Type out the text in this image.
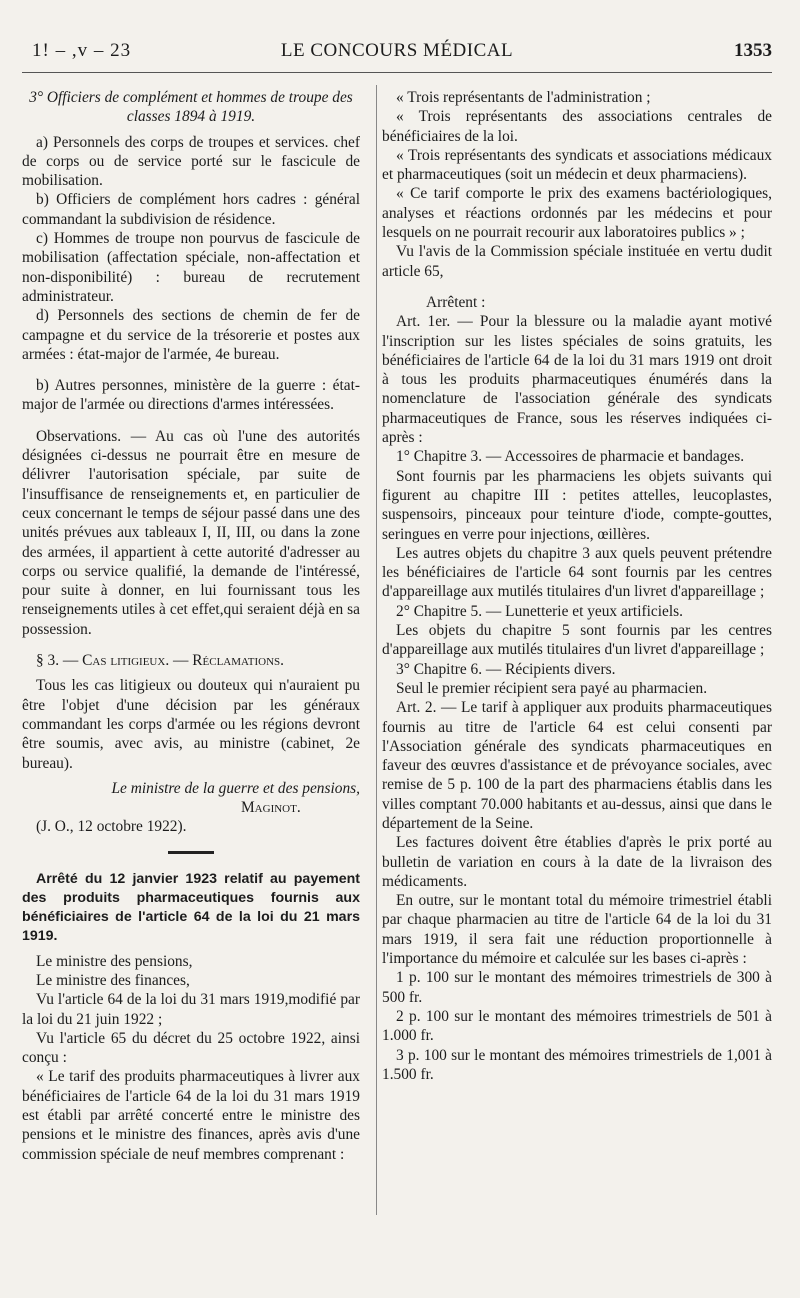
1! – ,v – 23	LE CONCOURS MÉDICAL	1353

3° Officiers de complément et hommes de troupe des classes 1894 à 1919.

a) Personnels des corps de troupes et services. chef de corps ou de service porté sur le fascicule de mobilisation.

b) Officiers de complément hors cadres : général commandant la subdivision de résidence.

c) Hommes de troupe non pourvus de fascicule de mobilisation (affectation spéciale, non-affectation et non-disponibilité) : bureau de recrutement administrateur.

d) Personnels des sections de chemin de fer de campagne et du service de la trésorerie et postes aux armées : état-major de l'armée, 4e bureau.

b) Autres personnes, ministère de la guerre : état-major de l'armée ou directions d'armes intéressées.

Observations. — Au cas où l'une des autorités désignées ci-dessus ne pourrait être en mesure de délivrer l'autorisation spéciale, par suite de l'insuffisance de renseignements et, en particulier de ceux concernant le temps de séjour passé dans une des unités prévues aux tableaux I, II, III, ou dans la zone des armées, il appartient à cette autorité d'adresser au corps ou service qualifié, la demande de l'intéressé, pour suite à donner, en lui fournissant tous les renseignements utiles à cet effet,qui seraient déjà en sa possession.

§ 3. — Cas litigieux. — Réclamations.

Tous les cas litigieux ou douteux qui n'auraient pu être l'objet d'une décision par les généraux commandant les corps d'armée ou les régions devront être soumis, avec avis, au ministre (cabinet, 2e bureau).

Le ministre de la guerre et des pensions,

Maginot.

(J. O., 12 octobre 1922).

Arrêté du 12 janvier 1923 relatif au payement des produits pharmaceutiques fournis aux bénéficiaires de l'article 64 de la loi du 21 mars 1919.

Le ministre des pensions,

Le ministre des finances,

Vu l'article 64 de la loi du 31 mars 1919,modifié par la loi du 21 juin 1922 ;

Vu l'article 65 du décret du 25 octobre 1922, ainsi conçu :

« Le tarif des produits pharmaceutiques à livrer aux bénéficiaires de l'article 64 de la loi du 31 mars 1919 est établi par arrêté concerté entre le ministre des pensions et le ministre des finances, après avis d'une commission spéciale de neuf membres comprenant :

« Trois représentants de l'administration ;

« Trois représentants des associations centrales de bénéficiaires de la loi.

« Trois représentants des syndicats et associations médicaux et pharmaceutiques (soit un médecin et deux pharmaciens).

« Ce tarif comporte le prix des examens bactériologiques, analyses et réactions ordonnés par les médecins et pour lesquels on ne pourrait recourir aux laboratoires publics » ;

Vu l'avis de la Commission spéciale instituée en vertu dudit article 65,

Arrêtent :

Art. 1er. — Pour la blessure ou la maladie ayant motivé l'inscription sur les listes spéciales de soins gratuits, les bénéficiaires de l'article 64 de la loi du 31 mars 1919 ont droit à tous les produits pharmaceutiques énumérés dans la nomenclature de l'association générale des syndicats pharmaceutiques de France, sous les réserves indiquées ci-après :

1° Chapitre 3. — Accessoires de pharmacie et bandages.

Sont fournis par les pharmaciens les objets suivants qui figurent au chapitre III : petites attelles, leucoplastes, suspensoirs, pinceaux pour teinture d'iode, compte-gouttes, seringues en verre pour injections, œillères.

Les autres objets du chapitre 3 aux quels peuvent prétendre les bénéficiaires de l'article 64 sont fournis par les centres d'appareillage aux mutilés titulaires d'un livret d'appareillage ;

2° Chapitre 5. — Lunetterie et yeux artificiels.

Les objets du chapitre 5 sont fournis par les centres d'appareillage aux mutilés titulaires d'un livret d'appareillage ;

3° Chapitre 6. — Récipients divers.

Seul le premier récipient sera payé au pharmacien.

Art. 2. — Le tarif à appliquer aux produits pharmaceutiques fournis au titre de l'article 64 est celui consenti par l'Association générale des syndicats pharmaceutiques en faveur des œuvres d'assistance et de prévoyance sociales, avec remise de 5 p. 100 de la part des pharmaciens établis dans les villes comptant 70.000 habitants et au-dessus, ainsi que dans le département de la Seine.

Les factures doivent être établies d'après le prix porté au bulletin de variation en cours à la date de la livraison des médicaments.

En outre, sur le montant total du mémoire trimestriel établi par chaque pharmacien au titre de l'article 64 de la loi du 31 mars 1919, il sera fait une réduction proportionnelle à l'importance du mémoire et calculée sur les bases ci-après :

1 p. 100 sur le montant des mémoires trimestriels de 300 à 500 fr.

2 p. 100 sur le montant des mémoires trimestriels de 501 à 1.000 fr.

3 p. 100 sur le montant des mémoires trimestriels de 1,001 à 1.500 fr.
